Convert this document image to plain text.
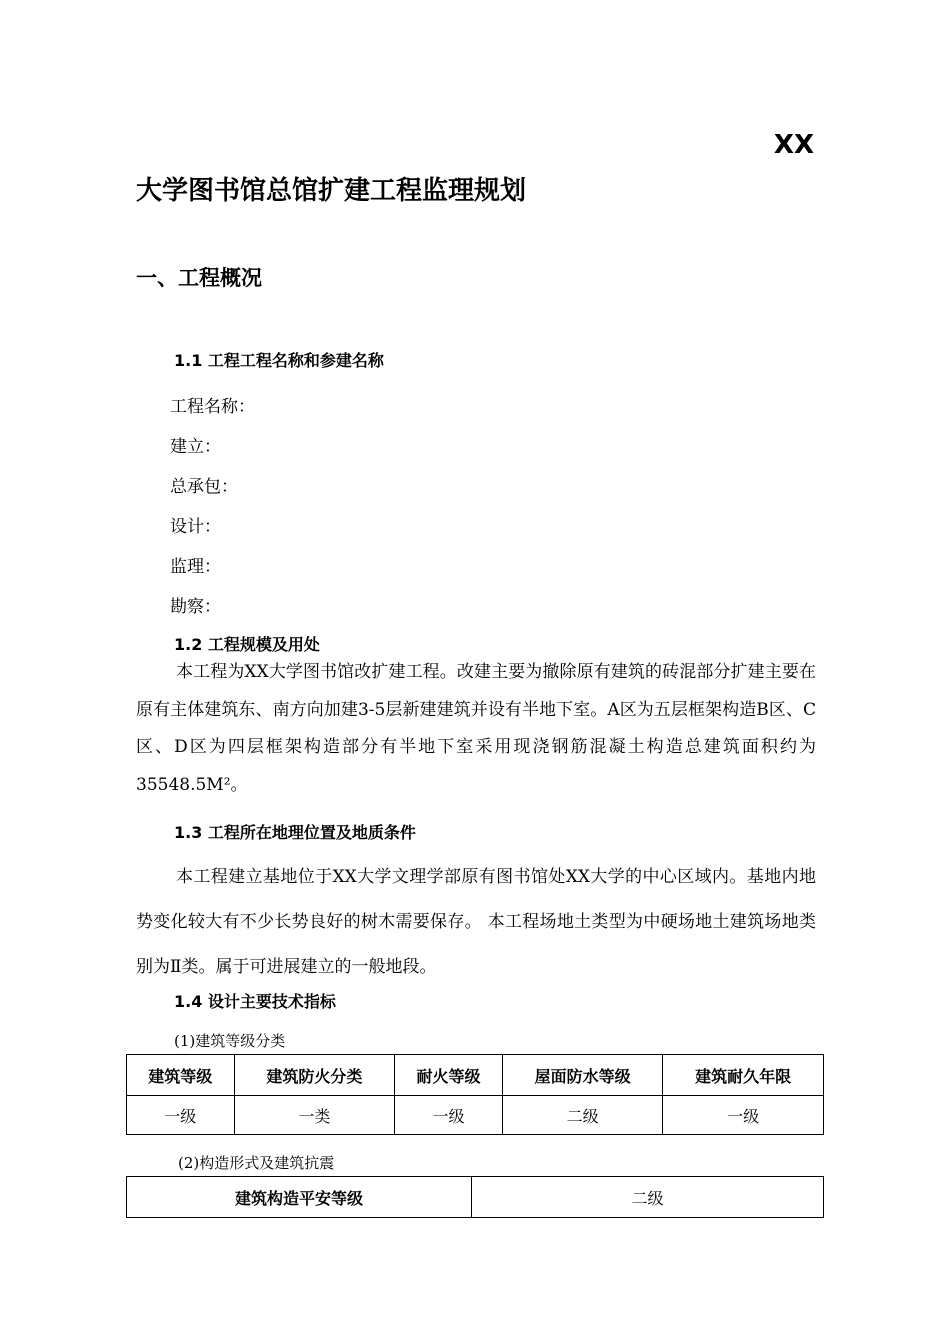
XX
大学图书馆总馆扩建工程监理规划
一、工程概况
1.1 工程工程名称和参建名称
工程名称：
建立：
总承包：
设计：
监理：
勘察：
1.2 工程规模及用处
本工程为XX大学图书馆改扩建工程。改建主要为撤除原有建筑的砖混部分扩建主要在原有主体建筑东、南方向加建3-5层新建建筑并设有半地下室。A区为五层框架构造B区、C区、D区为四层框架构造部分有半地下室采用现浇钢筋混凝土构造总建筑面积约为35548.5M²。
1.3 工程所在地理位置及地质条件
本工程建立基地位于XX大学文理学部原有图书馆处XX大学的中心区域内。基地内地势变化较大有不少长势良好的树木需要保存。 本工程场地土类型为中硬场地土建筑场地类别为Ⅱ类。属于可进展建立的一般地段。
1.4 设计主要技术指标
(1)建筑等级分类
建筑等级	建筑防火分类	耐火等级	屋面防水等级	建筑耐久年限
一级	一类	一级	二级	一级
(2)构造形式及建筑抗震
建筑构造平安等级	二级
